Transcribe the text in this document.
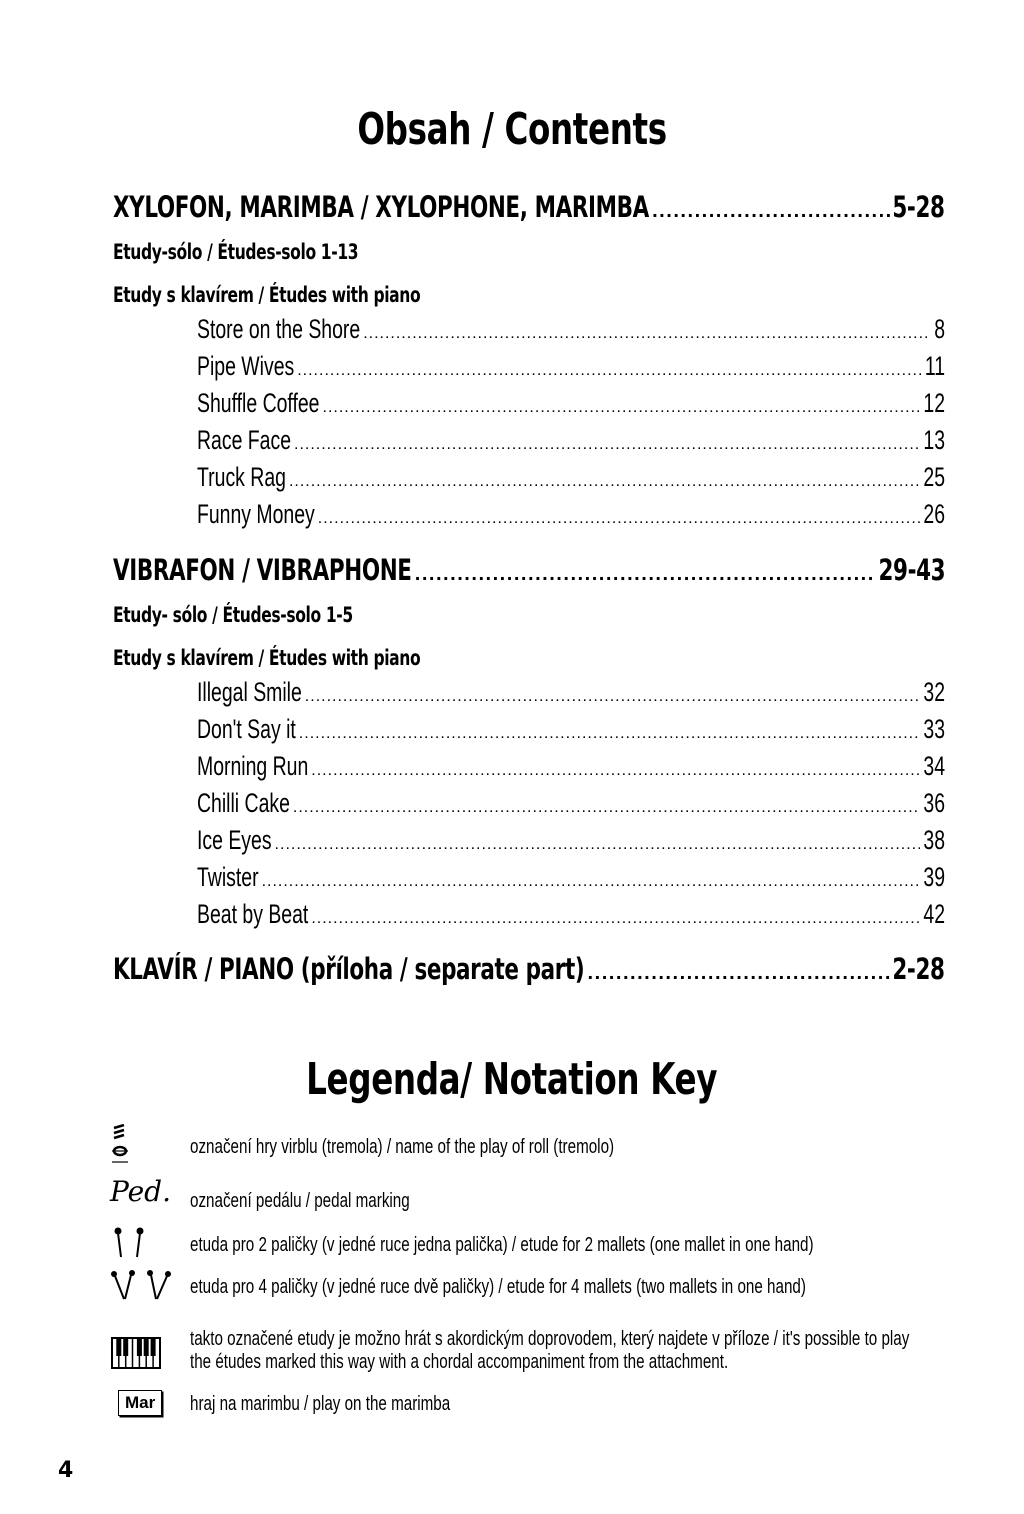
Obsah / Contents
XYLOFON, MARIMBA / XYLOPHONE, MARIMBA .....	5-28
Etudy-sólo / Études-solo 1-13
Etudy s klavírem / Études with piano
Store on the Shore .....	8
Pipe Wives .....	11
Shuffle Coffee .....	12
Race Face .....	13
Truck Rag .....	25
Funny Money .....	26
VIBRAFON / VIBRAPHONE .....	29-43
Etudy- sólo / Études-solo 1-5
Etudy s klavírem / Études with piano
Illegal Smile .....	32
Don't Say it .....	33
Morning Run .....	34
Chilli Cake .....	36
Ice Eyes .....	38
Twister .....	39
Beat by Beat .....	42
KLAVÍR / PIANO (příloha / separate part) .....	2-28
Legenda/ Notation Key
označení hry virblu (tremola) / name of the play of roll (tremolo)
Ped. označení pedálu / pedal marking
etuda pro 2 paličky (v jedné ruce jedna palička) / etude for 2 mallets (one mallet in one hand)
etuda pro 4 paličky (v jedné ruce dvě paličky) / etude for 4 mallets (two mallets in one hand)
takto označené etudy je možno hrát s akordickým doprovodem, který najdete v příloze / it's possible to play
the études marked this way with a chordal accompaniment from the attachment.
Mar	hraj na marimbu / play on the marimba
4
